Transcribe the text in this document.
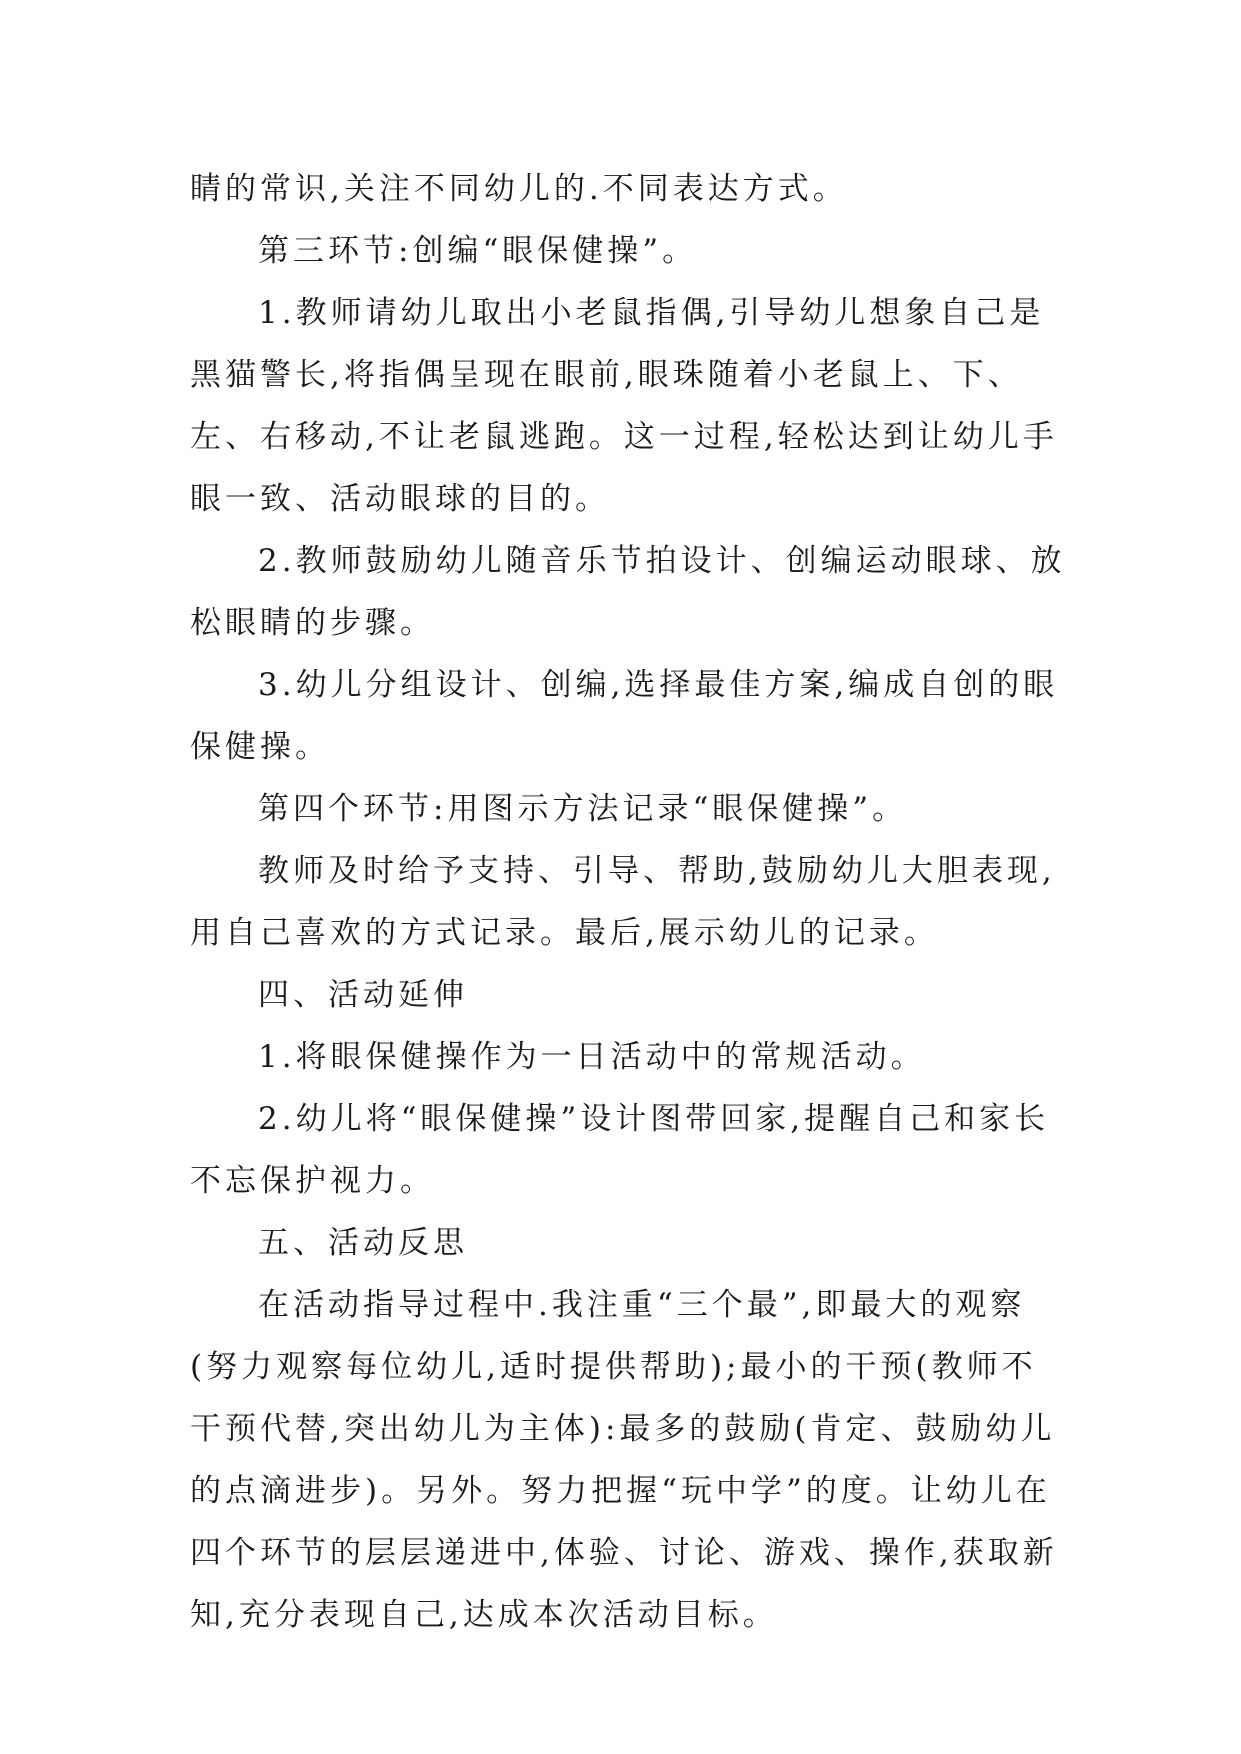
睛的常识,关注不同幼儿的.不同表达方式。

第三环节:创编“眼保健操”。

1.教师请幼儿取出小老鼠指偶,引导幼儿想象自己是黑猫警长,将指偶呈现在眼前,眼珠随着小老鼠上、下、左、右移动,不让老鼠逃跑。这一过程,轻松达到让幼儿手眼一致、活动眼球的目的。

2.教师鼓励幼儿随音乐节拍设计、创编运动眼球、放松眼睛的步骤。

3.幼儿分组设计、创编,选择最佳方案,编成自创的眼保健操。

第四个环节:用图示方法记录“眼保健操”。

教师及时给予支持、引导、帮助,鼓励幼儿大胆表现,用自己喜欢的方式记录。最后,展示幼儿的记录。

四、活动延伸

1.将眼保健操作为一日活动中的常规活动。

2.幼儿将“眼保健操”设计图带回家,提醒自己和家长不忘保护视力。

五、活动反思

在活动指导过程中.我注重“三个最”,即最大的观察(努力观察每位幼儿,适时提供帮助);最小的干预(教师不干预代替,突出幼儿为主体):最多的鼓励(肯定、鼓励幼儿的点滴进步)。另外。努力把握“玩中学”的度。让幼儿在四个环节的层层递进中,体验、讨论、游戏、操作,获取新知,充分表现自己,达成本次活动目标。
